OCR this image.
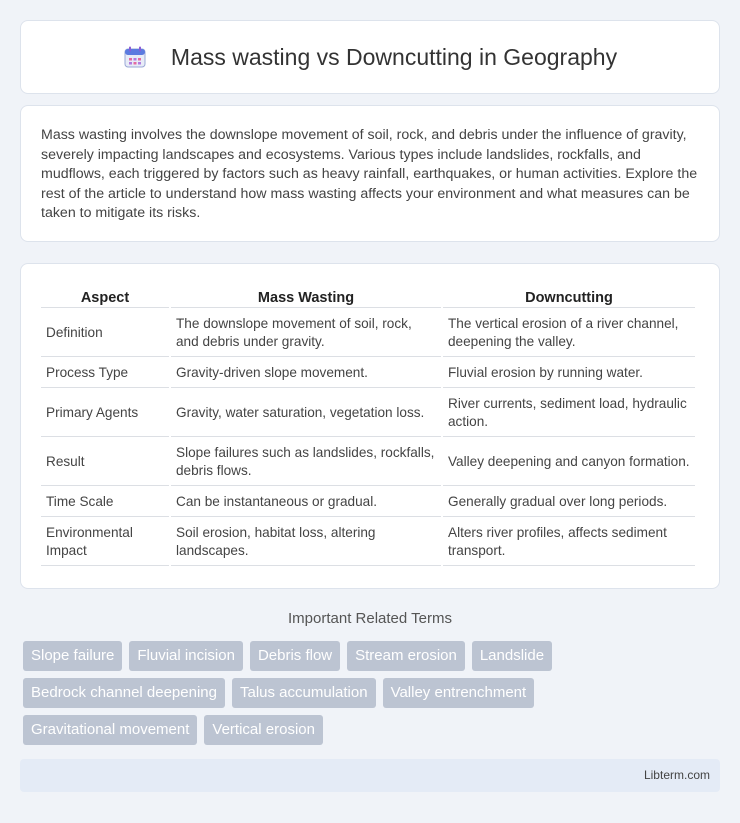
Mass wasting vs Downcutting in Geography

Mass wasting involves the downslope movement of soil, rock, and debris under the influence of gravity, severely impacting landscapes and ecosystems. Various types include landslides, rockfalls, and mudflows, each triggered by factors such as heavy rainfall, earthquakes, or human activities. Explore the rest of the article to understand how mass wasting affects your environment and what measures can be taken to mitigate its risks.

Aspect	Mass Wasting	Downcutting
Definition	The downslope movement of soil, rock, and debris under gravity.	The vertical erosion of a river channel, deepening the valley.
Process Type	Gravity-driven slope movement.	Fluvial erosion by running water.
Primary Agents	Gravity, water saturation, vegetation loss.	River currents, sediment load, hydraulic action.
Result	Slope failures such as landslides, rockfalls, debris flows.	Valley deepening and canyon formation.
Time Scale	Can be instantaneous or gradual.	Generally gradual over long periods.
Environmental Impact	Soil erosion, habitat loss, altering landscapes.	Alters river profiles, affects sediment transport.
Important Related Terms
Slope failure	Fluvial incision	Debris flow	Stream erosion	Landslide
Bedrock channel deepening	Talus accumulation	Valley entrenchment
Gravitational movement	Vertical erosion
Libterm.com
